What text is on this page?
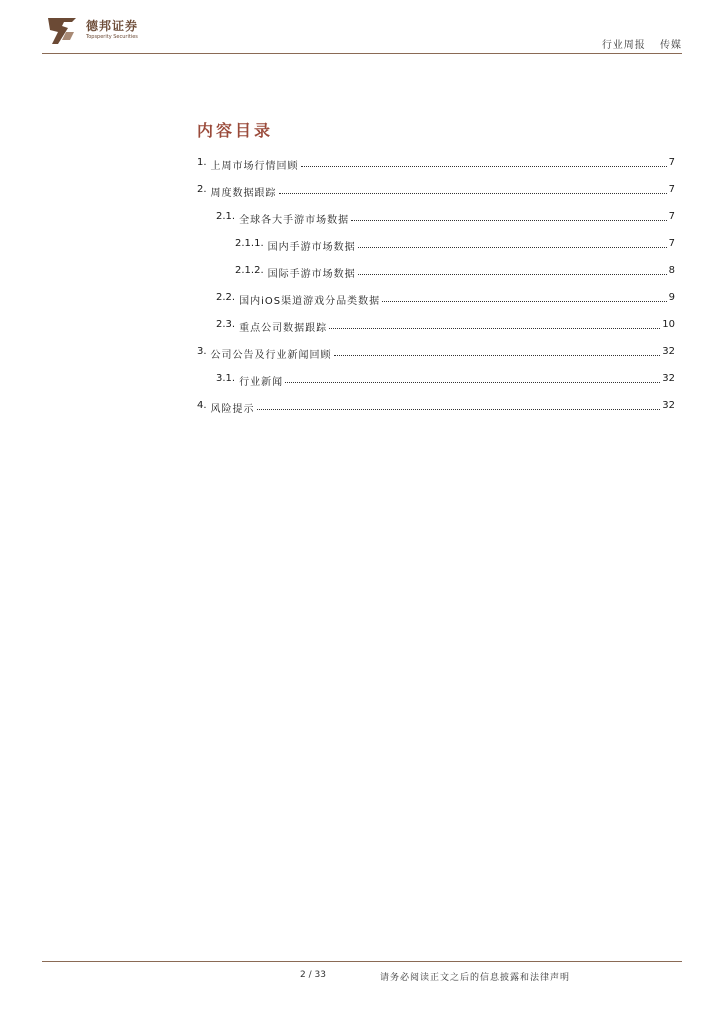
德邦证券
Topsperity Securities
行业周报 传媒
内容目录
1. 上周市场行情回顾	7
2. 周度数据跟踪	7
2.1. 全球各大手游市场数据	7
2.1.1. 国内手游市场数据	7
2.1.2. 国际手游市场数据	8
2.2. 国内iOS渠道游戏分品类数据	9
2.3. 重点公司数据跟踪	10
3. 公司公告及行业新闻回顾	32
3.1. 行业新闻	32
4. 风险提示	32
2 / 33	请务必阅读正文之后的信息披露和法律声明
